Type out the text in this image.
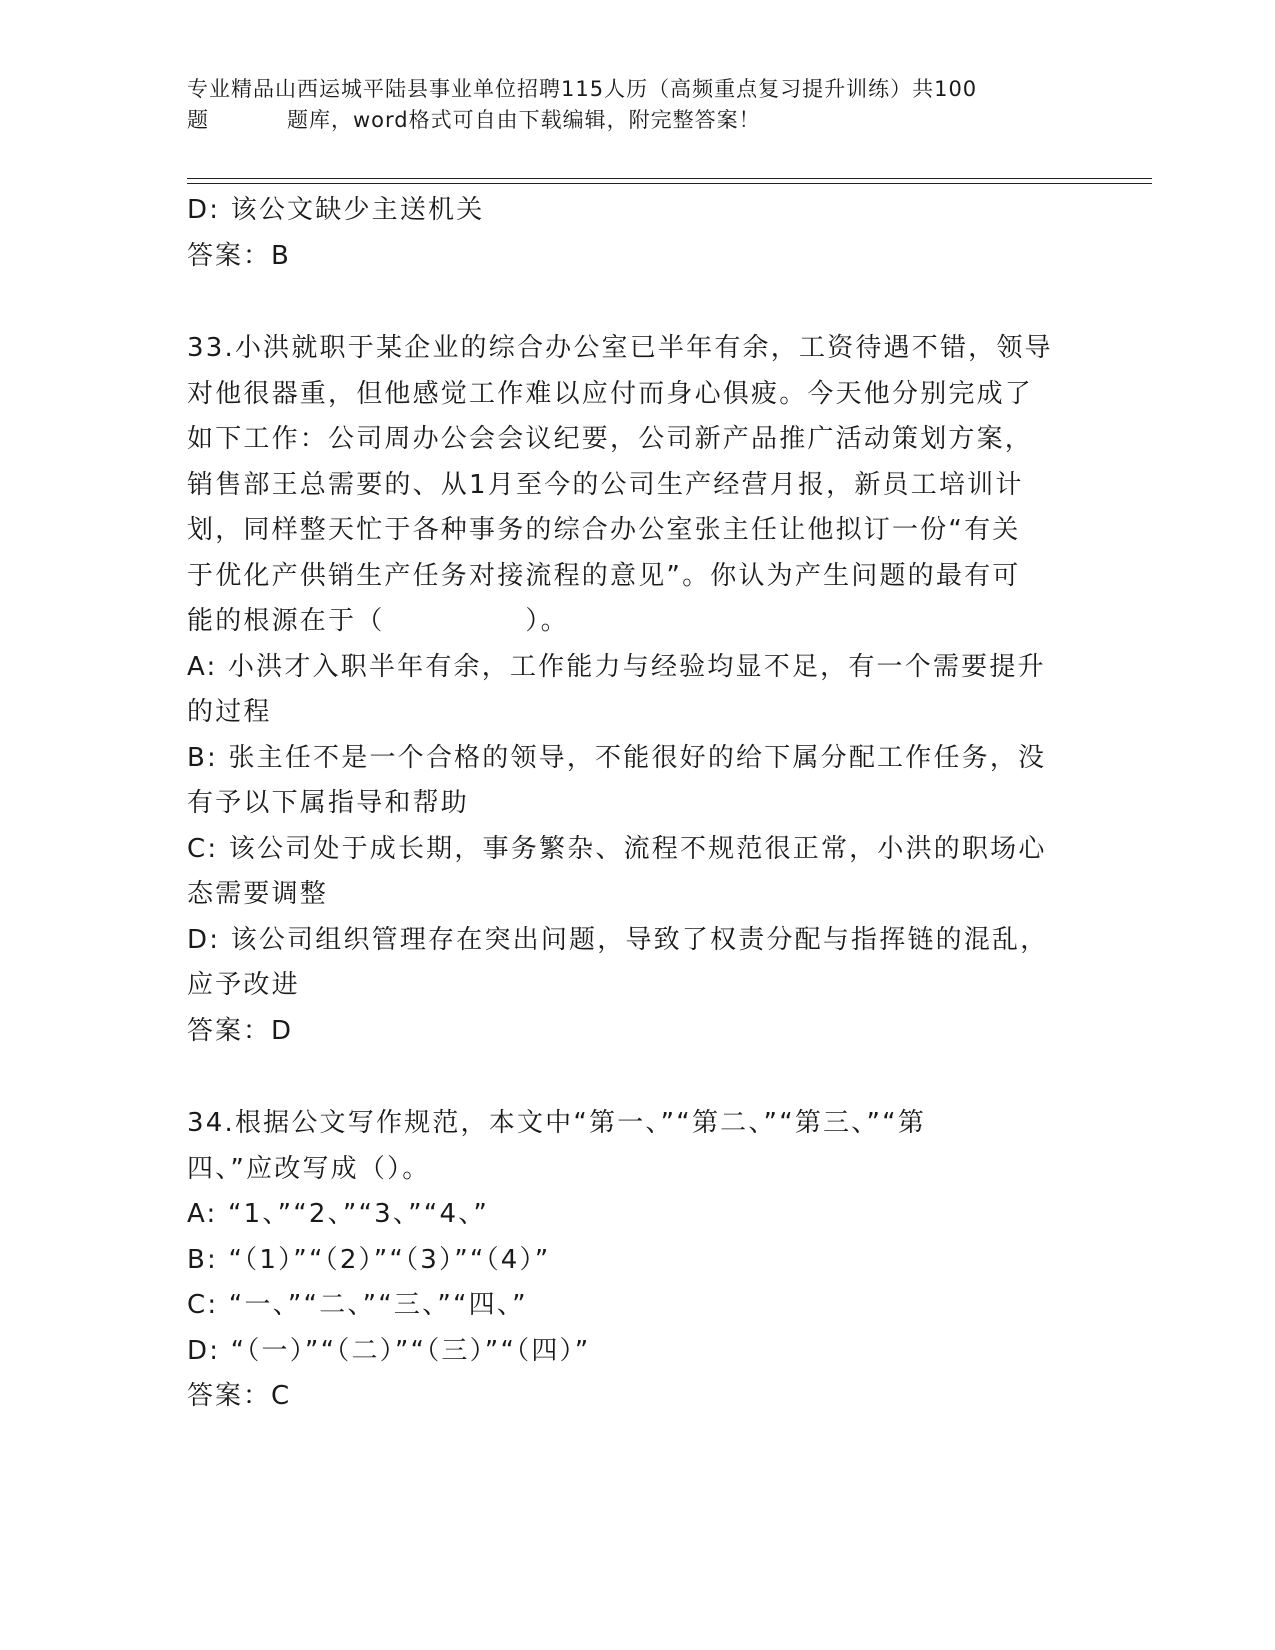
专业精品山西运城平陆县事业单位招聘115人历（高频重点复习提升训练）共100
题	题库，word格式可自由下载编辑，附完整答案！
D: 该公文缺少主送机关
答案：B
33.小洪就职于某企业的综合办公室已半年有余，工资待遇不错，领导
对他很器重，但他感觉工作难以应付而身心俱疲。今天他分别完成了
如下工作：公司周办公会会议纪要，公司新产品推广活动策划方案，
销售部王总需要的、从1月至今的公司生产经营月报，新员工培训计
划，同样整天忙于各种事务的综合办公室张主任让他拟订一份“有关
于优化产供销生产任务对接流程的意见”。你认为产生问题的最有可
能的根源在于（　　　　　）。
A: 小洪才入职半年有余，工作能力与经验均显不足，有一个需要提升
的过程
B: 张主任不是一个合格的领导，不能很好的给下属分配工作任务，没
有予以下属指导和帮助
C: 该公司处于成长期，事务繁杂、流程不规范很正常，小洪的职场心
态需要调整
D: 该公司组织管理存在突出问题，导致了权责分配与指挥链的混乱，
应予改进
答案：D
34.根据公文写作规范，本文中“第一、”“第二、”“第三、”“第
四、”应改写成（）。
A: “1、”“2、”“3、”“4、”
B: “（1）”“（2）”“（3）”“（4）”
C: “一、”“二、”“三、”“四、”
D: “（一）”“（二）”“（三）”“（四）”
答案：C
